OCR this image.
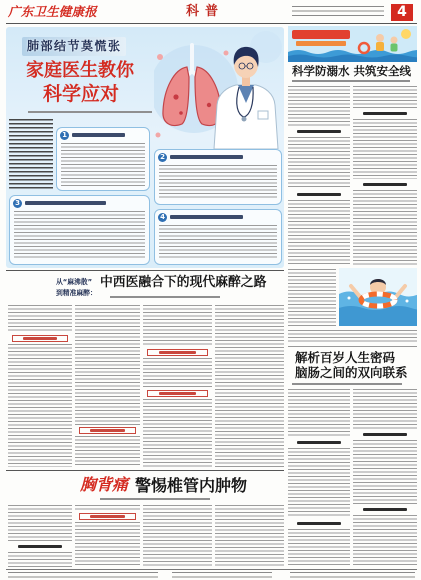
广东卫生健康报	科普	4
肺部结节莫慌张
家庭医生教你
科学应对
1
2
3
4
科学防溺水 共筑安全线
解析百岁人生密码
脑肠之间的双向联系
从“麻沸散”
到精准麻醉：
中西医融合下的现代麻醉之路
胸背痛 警惕椎管内肿物
